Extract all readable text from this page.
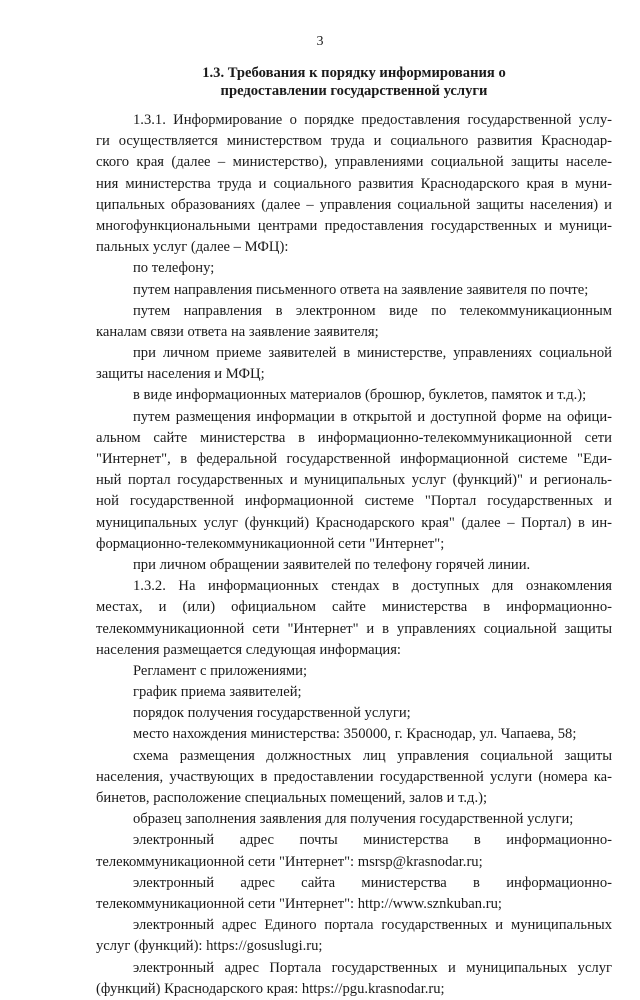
3
1.3. Требования к порядку информирования о
предоставлении государственной услуги
1.3.1. Информирование о порядке предоставления государственной услу-
ги осуществляется министерством труда и социального развития Краснодар-
ского края (далее – министерство), управлениями социальной защиты населе-
ния министерства труда и социального развития Краснодарского края в муни-
ципальных образованиях (далее – управления социальной защиты населения) и
многофункциональными центрами предоставления государственных и муници-
пальных услуг (далее – МФЦ):
по телефону;
путем направления письменного ответа на заявление заявителя по почте;
путем направления в электронном виде по телекоммуникационным
каналам связи ответа на заявление заявителя;
при личном приеме заявителей в министерстве, управлениях социальной
защиты населения и МФЦ;
в виде информационных материалов (брошюр, буклетов, памяток и т.д.);
путем размещения информации в открытой и доступной форме на офици-
альном сайте министерства в информационно-телекоммуникационной сети
"Интернет", в федеральной государственной информационной системе "Еди-
ный портал государственных и муниципальных услуг (функций)" и региональ-
ной государственной информационной системе "Портал государственных и
муниципальных услуг (функций) Краснодарского края" (далее – Портал) в ин-
формационно-телекоммуникационной сети "Интернет";
при личном обращении заявителей по телефону горячей линии.
1.3.2. На информационных стендах в доступных для ознакомления
местах, и (или) официальном сайте министерства в информационно-
телекоммуникационной сети "Интернет" и в управлениях социальной защиты
населения размещается следующая информация:
Регламент с приложениями;
график приема заявителей;
порядок получения государственной услуги;
место нахождения министерства: 350000, г. Краснодар, ул. Чапаева, 58;
схема размещения должностных лиц управления социальной защиты
населения, участвующих в предоставлении государственной услуги (номера ка-
бинетов, расположение специальных помещений, залов и т.д.);
образец заполнения заявления для получения государственной услуги;
электронный адрес почты министерства в информационно-
телекоммуникационной сети "Интернет": msrsp@krasnodar.ru;
электронный адрес сайта министерства в информационно-
телекоммуникационной сети "Интернет": http://www.sznkuban.ru;
электронный адрес Единого портала государственных и муниципальных
услуг (функций): https://gosuslugi.ru;
электронный адрес Портала государственных и муниципальных услуг
(функций) Краснодарского края: https://pgu.krasnodar.ru;
